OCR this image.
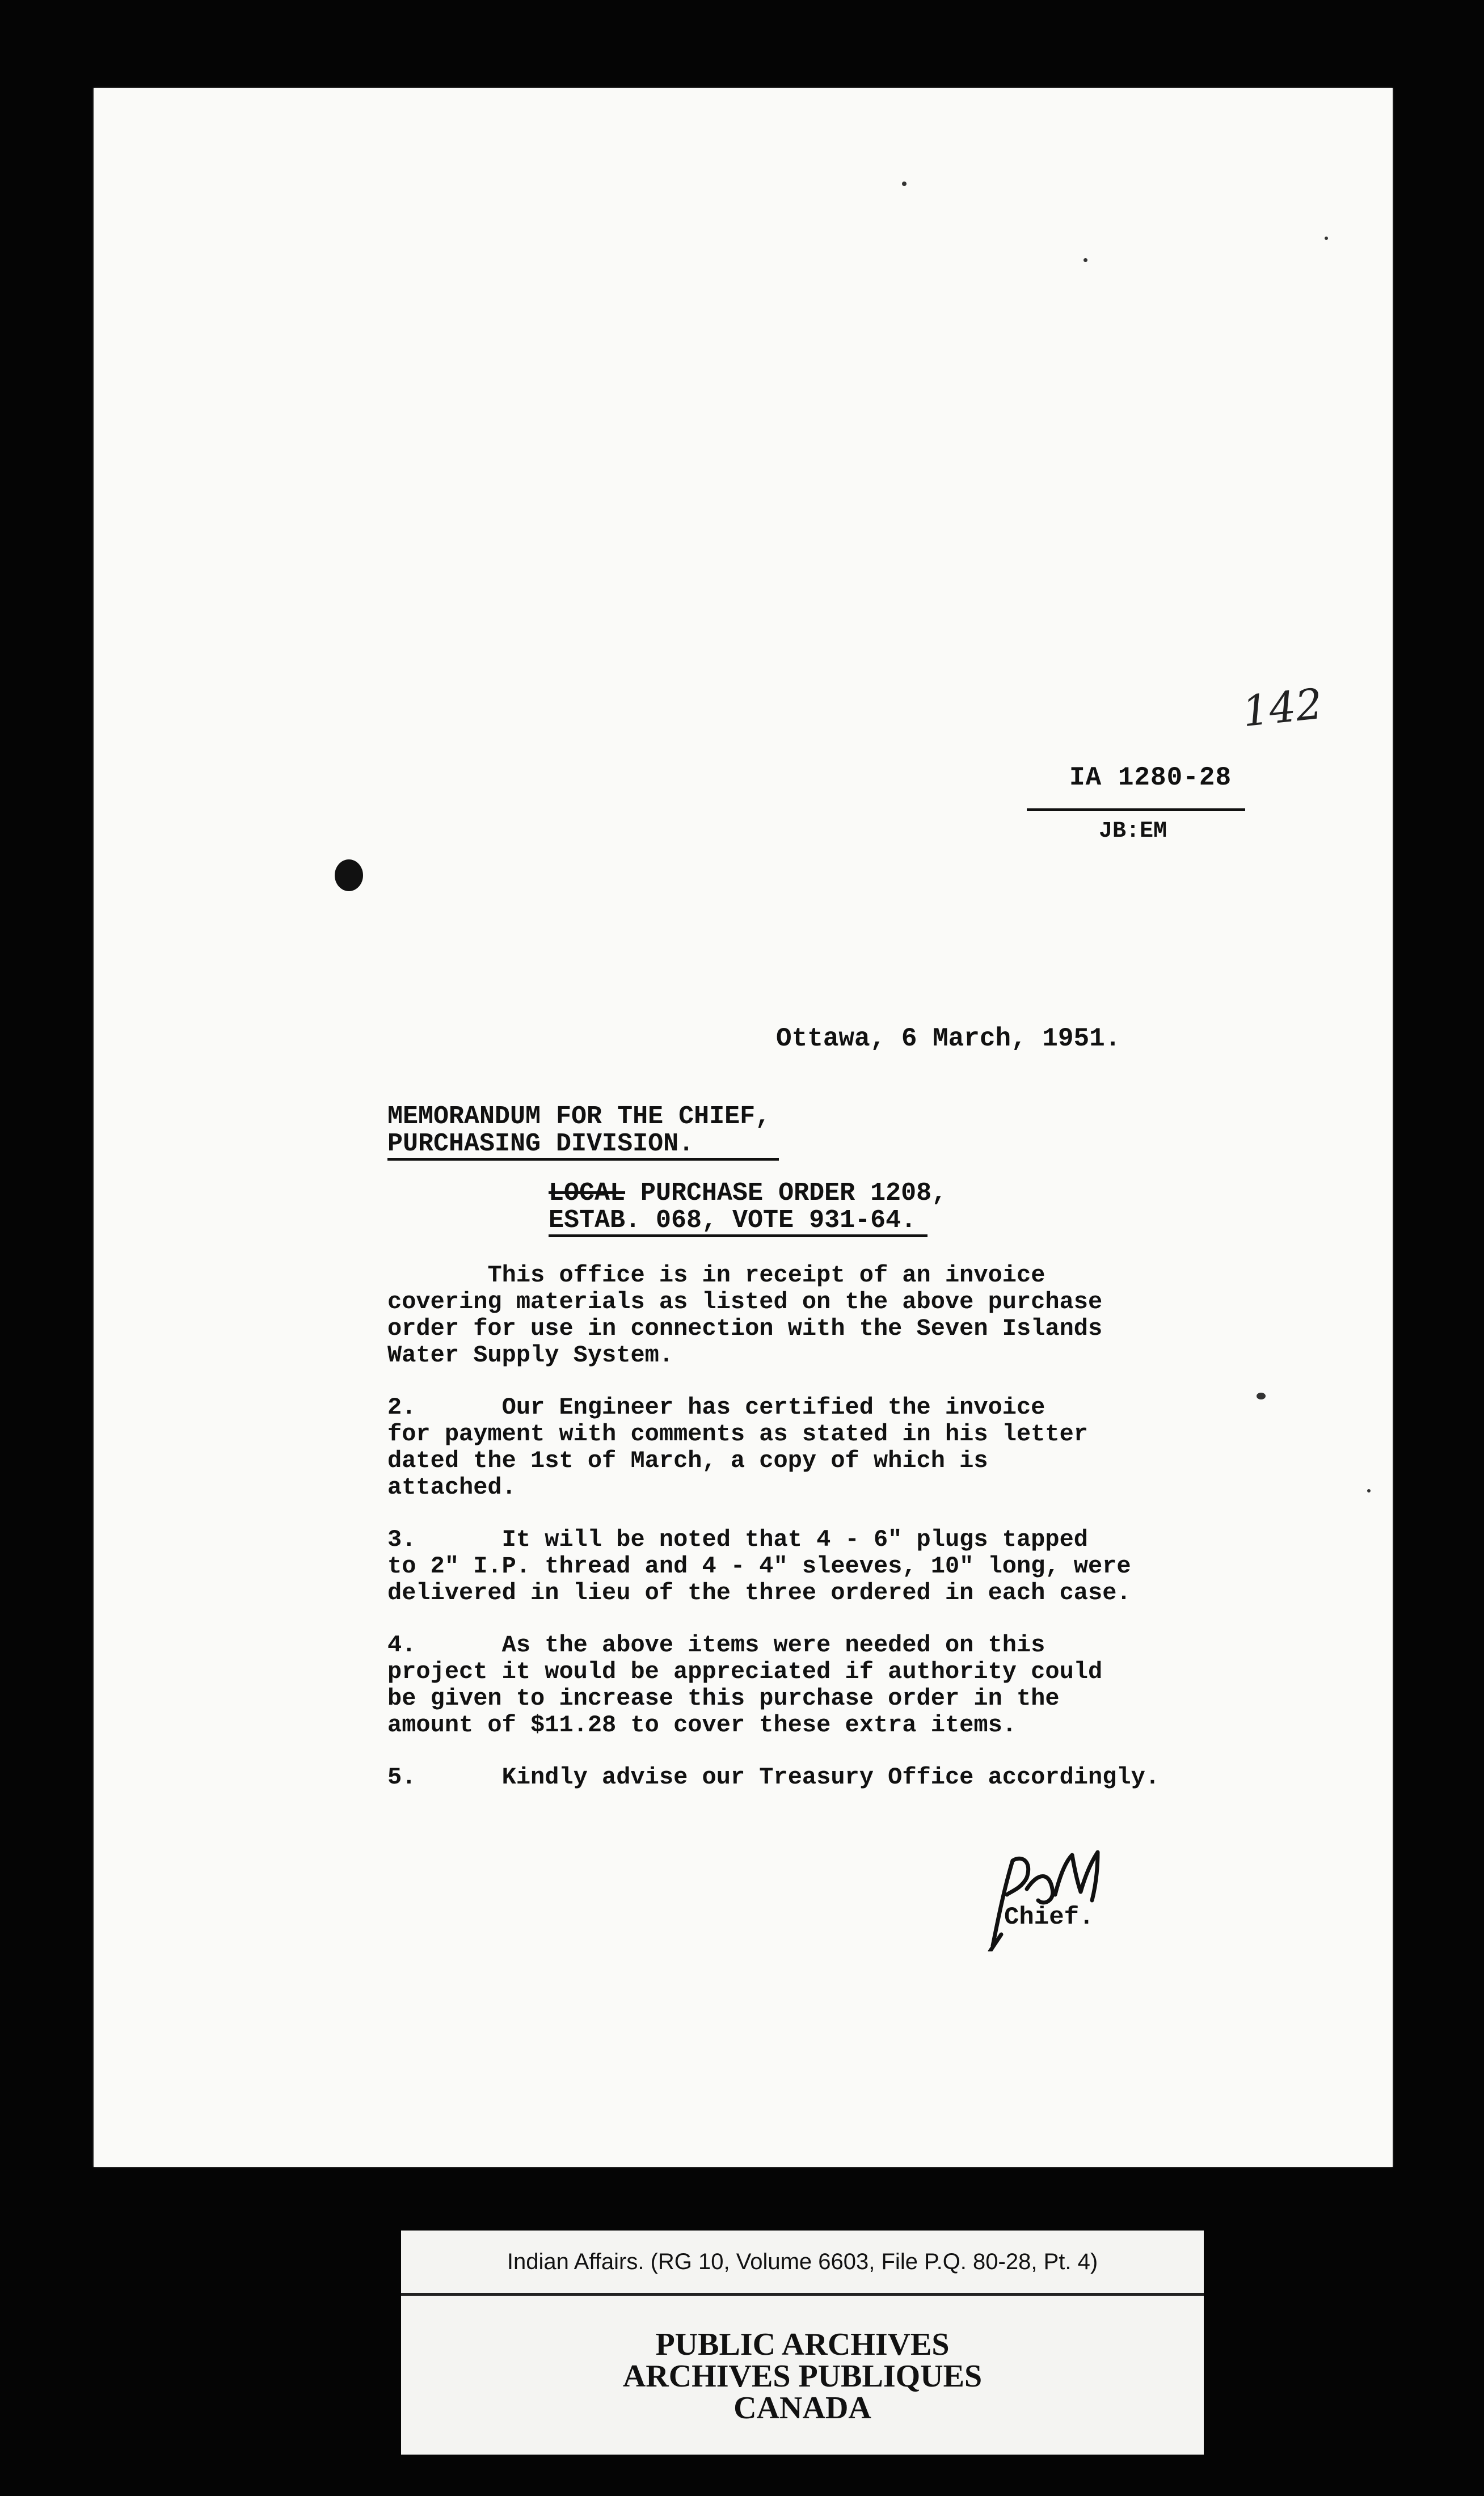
142
IA 1280-28
JB:EM
Ottawa, 6 March, 1951.
MEMORANDUM FOR THE CHIEF,
PURCHASING DIVISION.
LOCAL PURCHASE ORDER 1208,
ESTAB. 068, VOTE 931-64.

This office is in receipt of an invoice
covering materials as listed on the above purchase
order for use in connection with the Seven Islands
Water Supply System.

2.      Our Engineer has certified the invoice
for payment with comments as stated in his letter
dated the 1st of March, a copy of which is
attached.

3.      It will be noted that 4 - 6" plugs tapped
to 2" I.P. thread and 4 - 4" sleeves, 10" long, were
delivered in lieu of the three ordered in each case.

4.      As the above items were needed on this
project it would be appreciated if authority could
be given to increase this purchase order in the
amount of $11.28 to cover these extra items.

5.      Kindly advise our Treasury Office accordingly.

Chief.
Indian Affairs. (RG 10, Volume 6603, File P.Q. 80-28, Pt. 4)
PUBLIC ARCHIVES
ARCHIVES PUBLIQUES
CANADA
